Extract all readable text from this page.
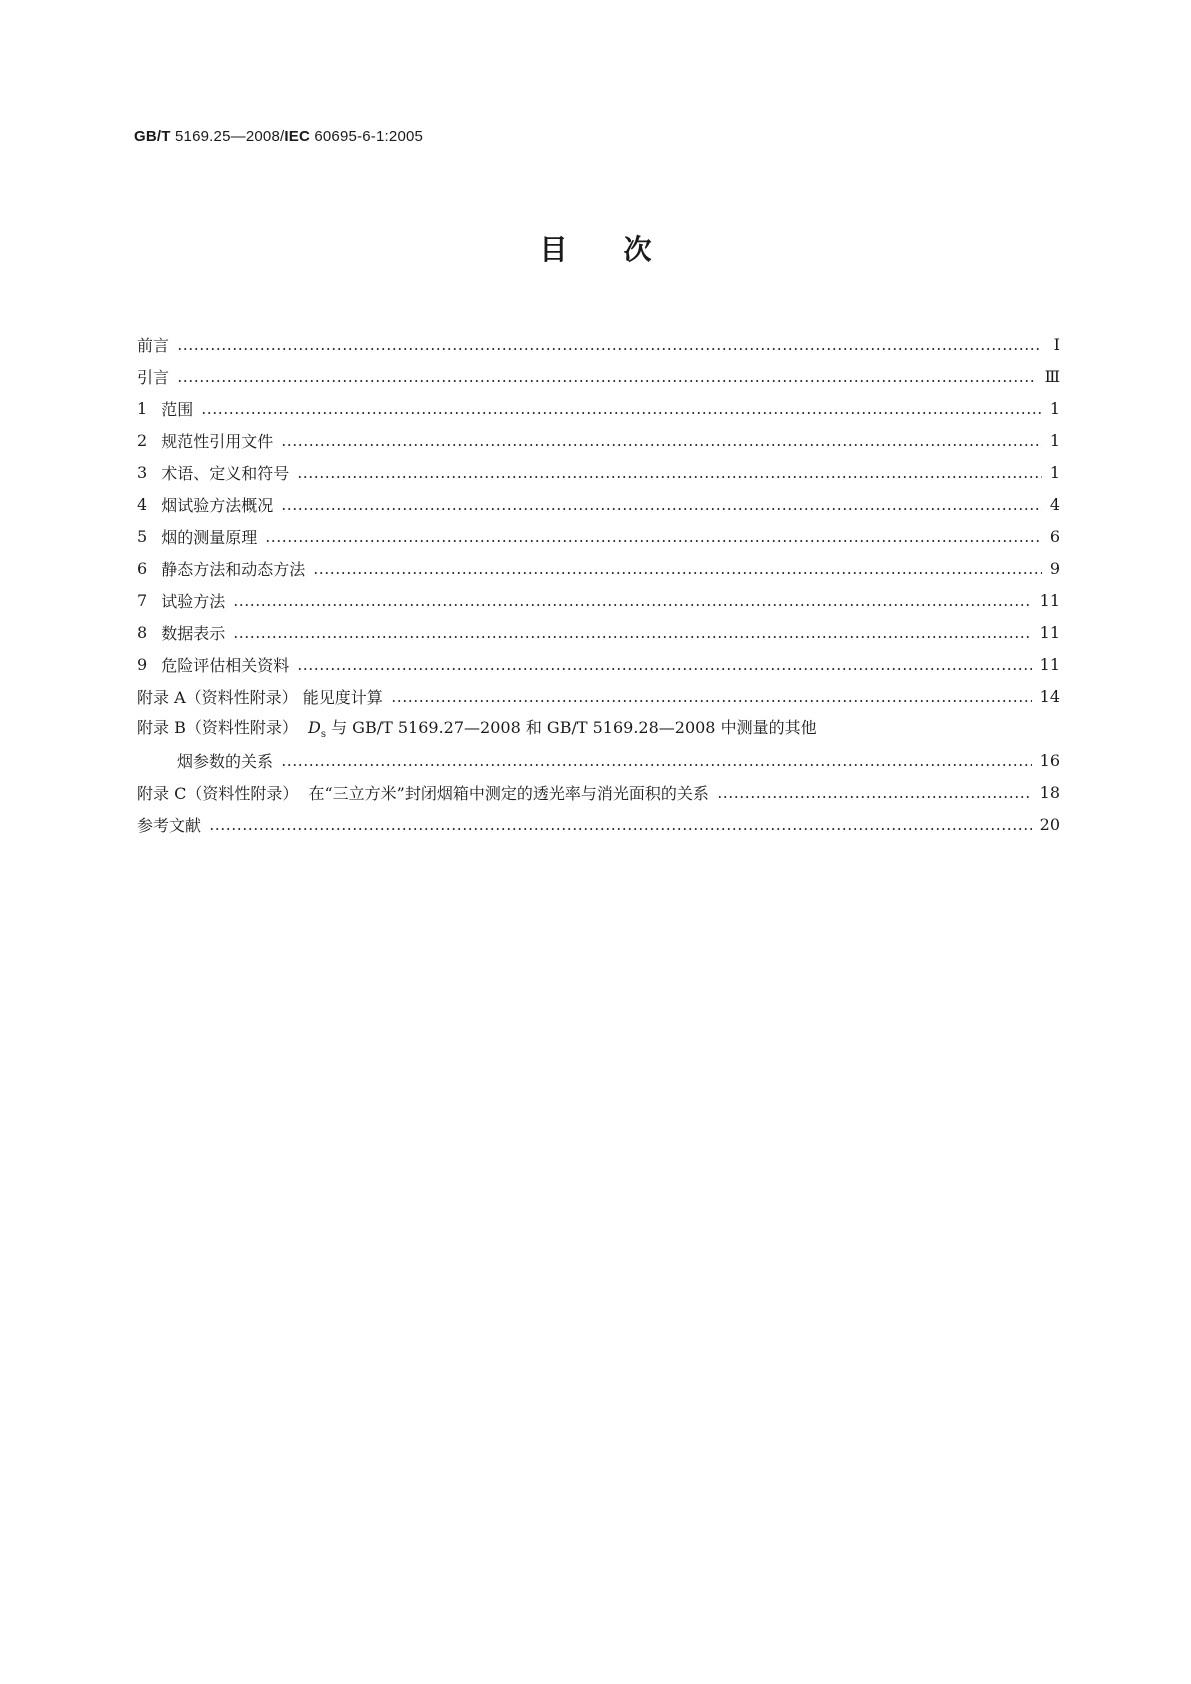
GB/T 5169.25—2008/IEC 60695-6-1:2005
目 次
前言	Ⅰ
引言	Ⅲ
1 范围	1
2 规范性引用文件	1
3 术语、定义和符号	1
4 烟试验方法概况	4
5 烟的测量原理	6
6 静态方法和动态方法	9
7 试验方法	11
8 数据表示	11
9 危险评估相关资料	11
附录 A（资料性附录） 能见度计算	14
附录 B（资料性附录）  $D_s$ 与 GB/T 5169.27—2008 和 GB/T 5169.28—2008 中测量的其他
烟参数的关系	16
附录 C（资料性附录）  在“三立方米”封闭烟箱中测定的透光率与消光面积的关系	18
参考文献	20
